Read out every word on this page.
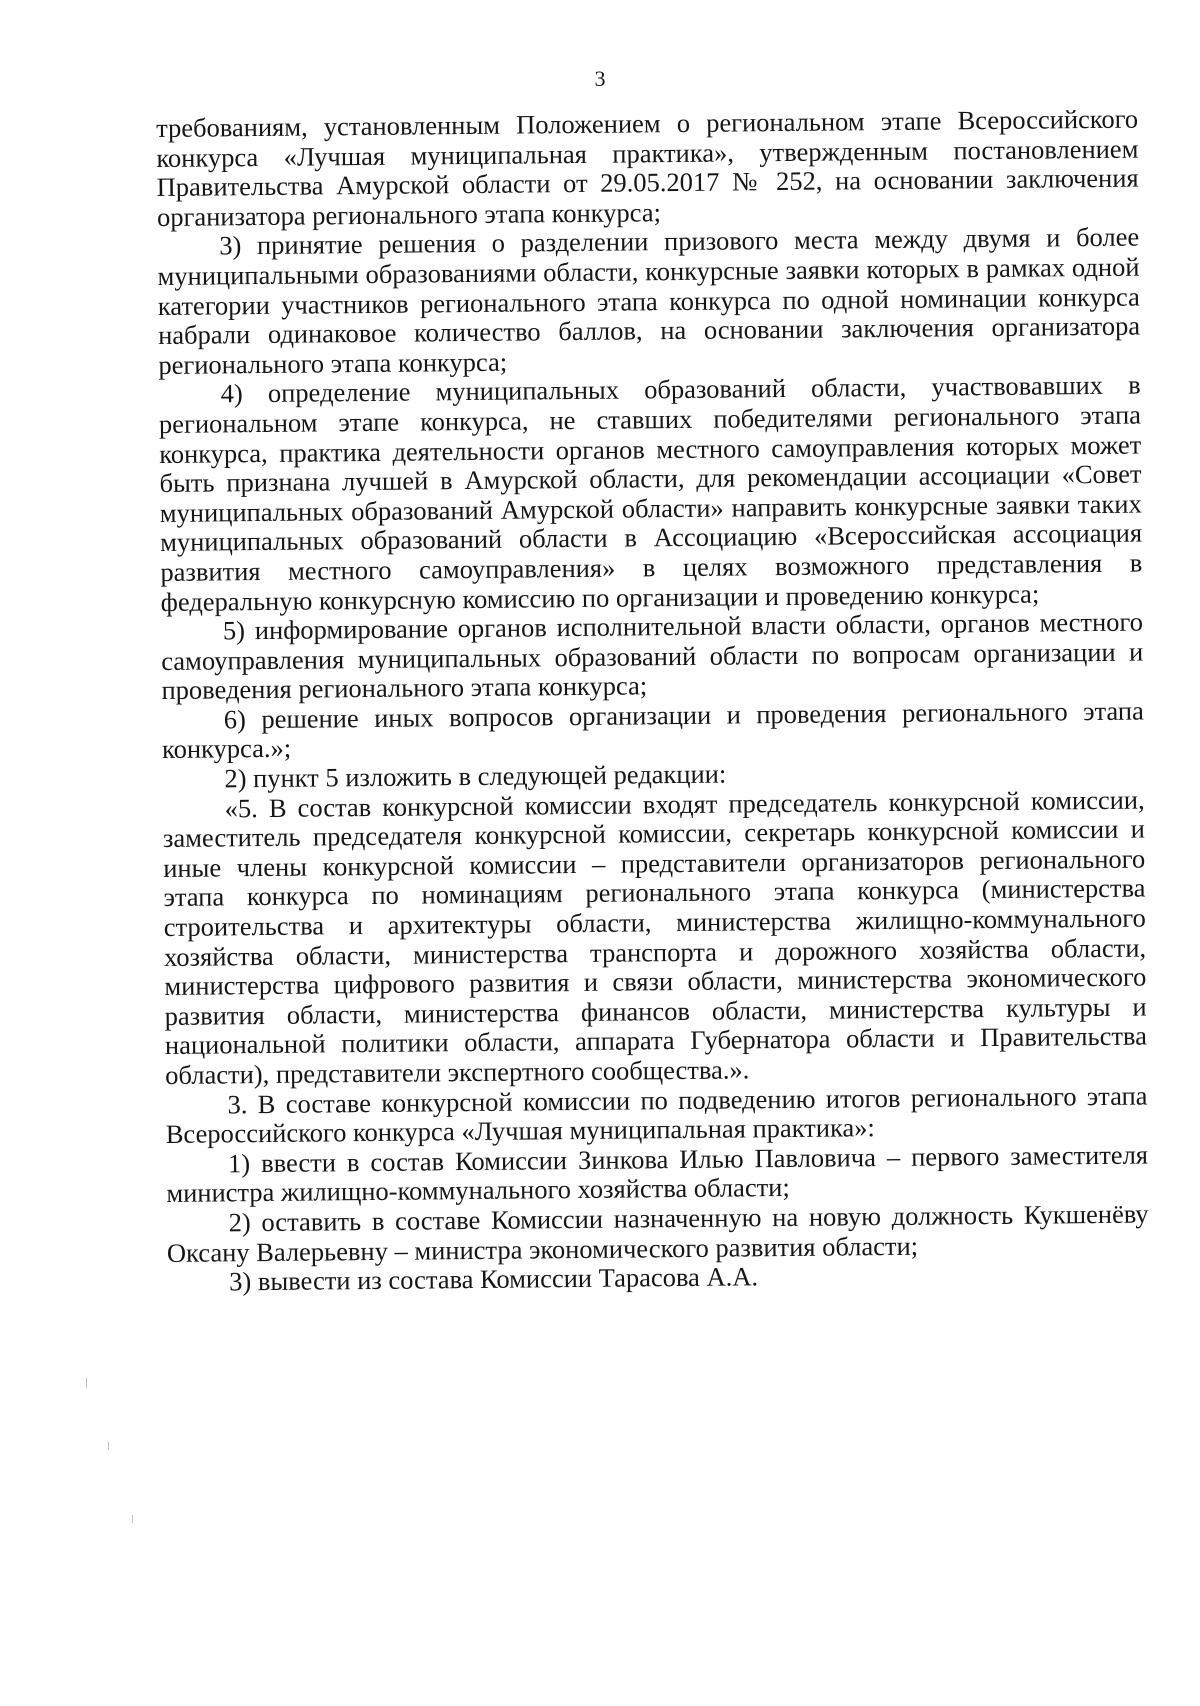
3

требованиям, установленным Положением о региональном этапе Всероссийского конкурса «Лучшая муниципальная практика», утвержденным постановлением Правительства Амурской области от 29.05.2017 № 252, на основании заключения организатора регионального этапа конкурса;

3) принятие решения о разделении призового места между двумя и более муниципальными образованиями области, конкурсные заявки которых в рамках одной категории участников регионального этапа конкурса по одной номинации конкурса набрали одинаковое количество баллов, на основании заключения организатора регионального этапа конкурса;

4) определение муниципальных образований области, участвовавших в региональном этапе конкурса, не ставших победителями регионального этапа конкурса, практика деятельности органов местного самоуправления которых может быть признана лучшей в Амурской области, для рекомендации ассоциации «Совет муниципальных образований Амурской области» направить конкурсные заявки таких муниципальных образований области в Ассоциацию «Всероссийская ассоциация развития местного самоуправления» в целях возможного представления в федеральную конкурсную комиссию по организации и проведению конкурса;

5) информирование органов исполнительной власти области, органов местного самоуправления муниципальных образований области по вопросам организации и проведения регионального этапа конкурса;

6) решение иных вопросов организации и проведения регионального этапа конкурса.»;

2) пункт 5 изложить в следующей редакции:

«5. В состав конкурсной комиссии входят председатель конкурсной комиссии, заместитель председателя конкурсной комиссии, секретарь конкурсной комиссии и иные члены конкурсной комиссии – представители организаторов регионального этапа конкурса по номинациям регионального этапа конкурса (министерства строительства и архитектуры области, министерства жилищно-коммунального хозяйства области, министерства транспорта и дорожного хозяйства области, министерства цифрового развития и связи области, министерства экономического развития области, министерства финансов области, министерства культуры и национальной политики области, аппарата Губернатора области и Правительства области), представители экспертного сообщества.».

3. В составе конкурсной комиссии по подведению итогов регионального этапа Всероссийского конкурса «Лучшая муниципальная практика»:

1) ввести в состав Комиссии Зинкова Илью Павловича – первого заместителя министра жилищно-коммунального хозяйства области;

2) оставить в составе Комиссии назначенную на новую должность Кукшенёву Оксану Валерьевну – министра экономического развития области;

3) вывести из состава Комиссии Тарасова А.А.
